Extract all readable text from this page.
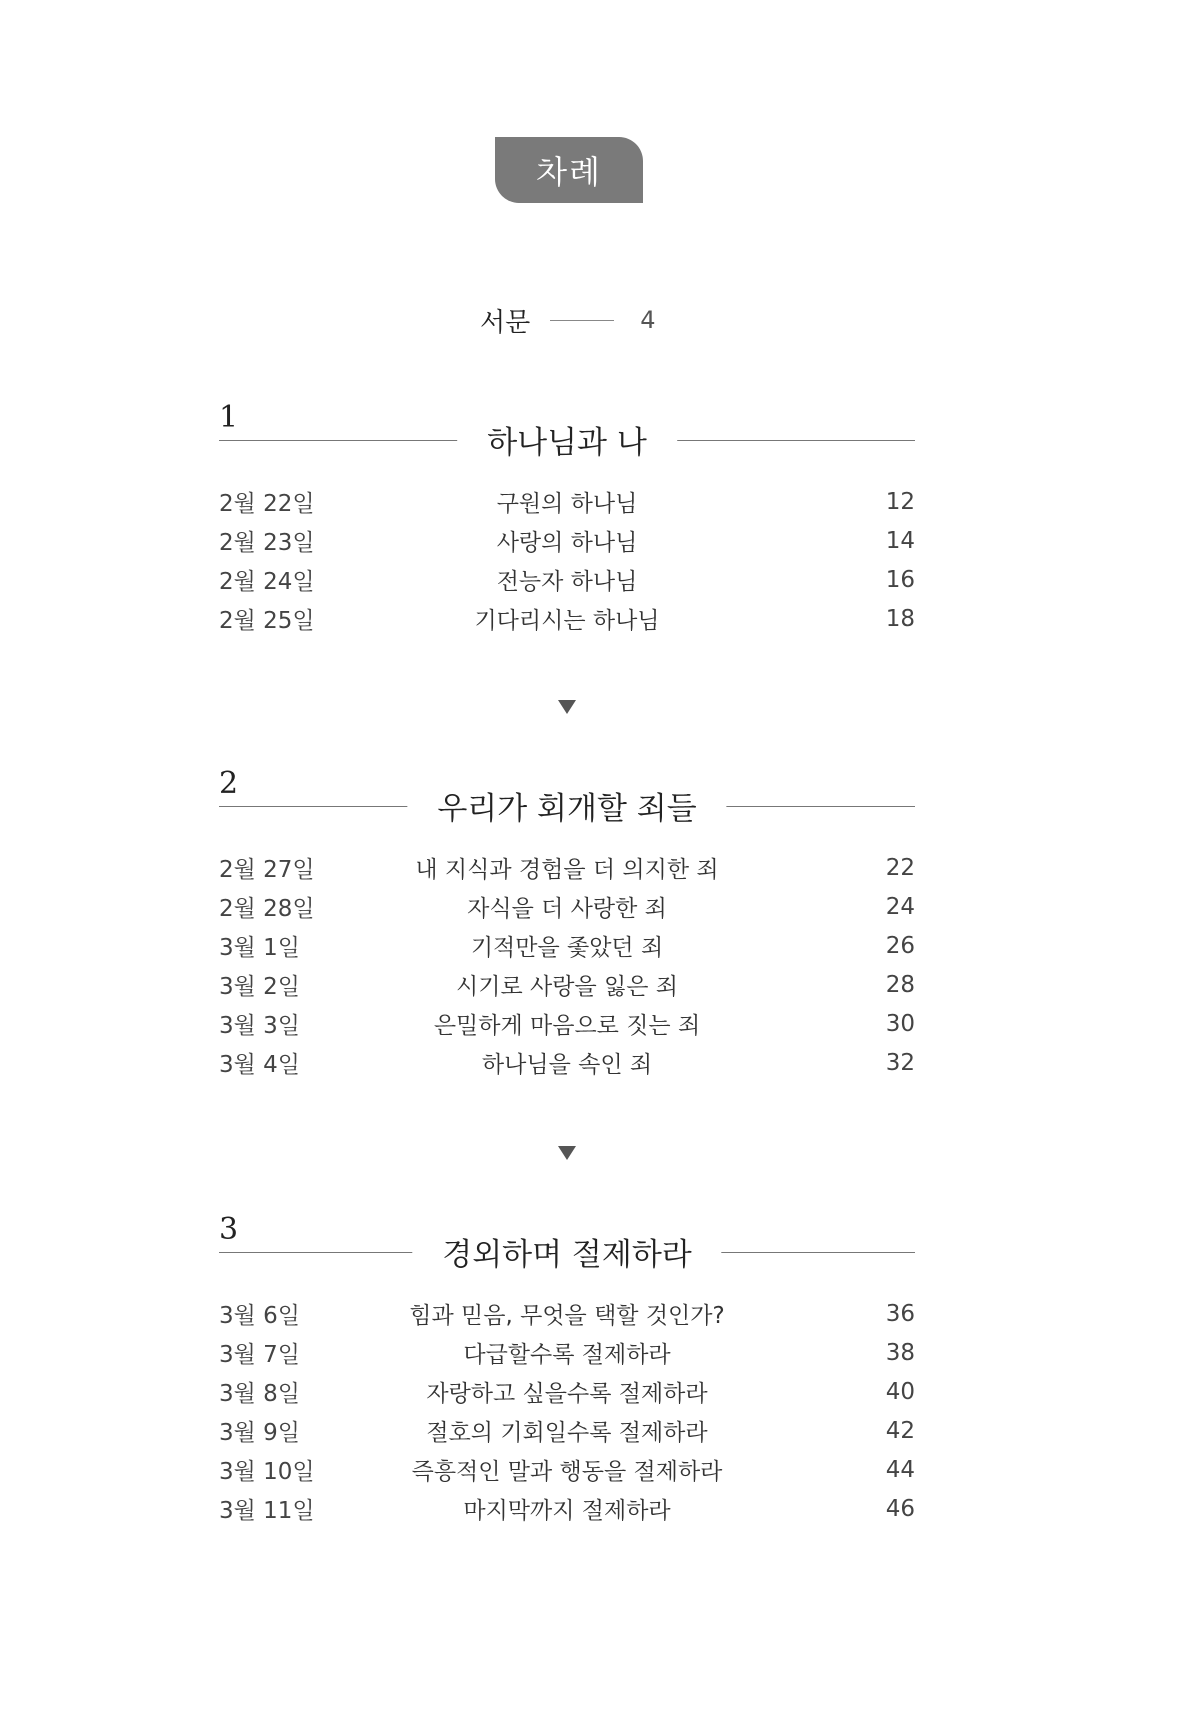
차례
서문	4
1
하나님과 나
2월 22일	구원의 하나님	12
2월 23일	사랑의 하나님	14
2월 24일	전능자 하나님	16
2월 25일	기다리시는 하나님	18
2
우리가 회개할 죄들
2월 27일	내 지식과 경험을 더 의지한 죄	22
2월 28일	자식을 더 사랑한 죄	24
3월 1일	기적만을 좇았던 죄	26
3월 2일	시기로 사랑을 잃은 죄	28
3월 3일	은밀하게 마음으로 짓는 죄	30
3월 4일	하나님을 속인 죄	32
3
경외하며 절제하라
3월 6일	힘과 믿음, 무엇을 택할 것인가?	36
3월 7일	다급할수록 절제하라	38
3월 8일	자랑하고 싶을수록 절제하라	40
3월 9일	절호의 기회일수록 절제하라	42
3월 10일	즉흥적인 말과 행동을 절제하라	44
3월 11일	마지막까지 절제하라	46
